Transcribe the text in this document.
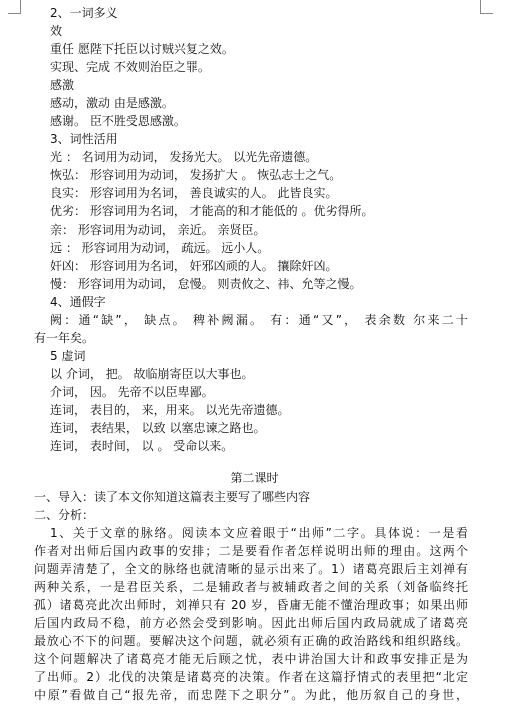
2、一词多义
效
重任 愿陛下托臣以讨贼兴复之效。
实现、完成 不效则治臣之罪。
感激
感动，激动 由是感激。
感谢。 臣不胜受恩感激。
3、词性活用
光 ： 名词用为动词， 发扬光大。 以光先帝遗德。
恢弘： 形容词用为动词， 发扬扩大 。 恢弘志士之气。
良实： 形容词用为名词， 善良诚实的人。 此皆良实。
优劣： 形容词用为名词， 才能高的和才能低的 。优劣得所。
亲： 形容词用为动词， 亲近。 亲贤臣。
远 ： 形容词用为动词， 疏远。 远小人。
奸凶： 形容词用为名词， 奸邪凶顽的人。 攘除奸凶。
慢： 形容词用为动词， 怠慢。 则责攸之、祎、允等之慢。
4、通假字
阙：通“缺”， 缺点。 稗补阙漏。 有：通“又”， 表余数 尔来二十
有一年矣。
5 虚词
以 介词， 把。 故临崩寄臣以大事也。
介词， 因。 先帝不以臣卑鄙。
连词， 表目的， 来，用来。 以光先帝遗德。
连词， 表结果， 以致 以塞忠谏之路也。
连词， 表时间， 以 。 受命以来。
第二课时
一、导入：读了本文你知道这篇表主要写了哪些内容
二、分析：
1、关于文章的脉络。阅读本文应着眼于“出师”二字。具体说：一是看
作者对出师后国内政事的安排；二是要看作者怎样说明出师的理由。这两个
问题弄清楚了，全文的脉络也就清晰的显示出来了。1）诸葛亮跟后主刘禅有
两种关系，一是君臣关系，二是辅政者与被辅政者之间的关系（刘备临终托
孤）诸葛亮此次出师时，刘禅只有 20 岁，昏庸无能不懂治理政事；如果出师
后国内政局不稳，前方必然会受到影响。因此出师后国内政局就成了诸葛亮
最放心不下的问题。要解决这个问题，就必须有正确的政治路线和组织路线。
这个问题解决了诸葛亮才能无后顾之忧，表中讲治国大计和政事安排正是为
了出师。2）北伐的决策是诸葛亮的决策。作者在这篇抒情式的表里把“北定
中原”看做自己“报先帝，而忠陛下之职分”。为此，他历叙自己的身世，
